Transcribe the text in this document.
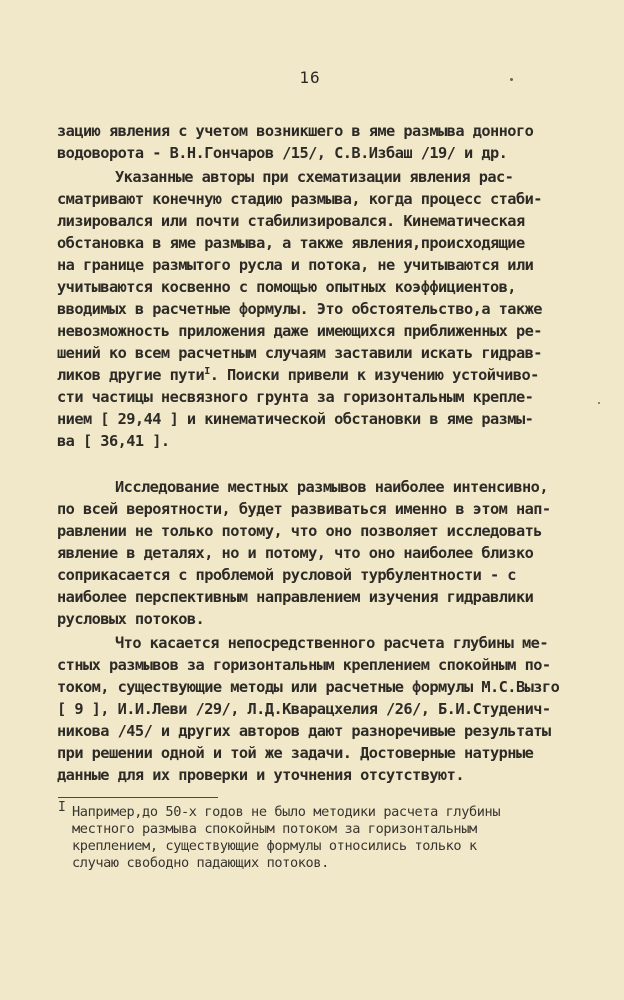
16
зацию явления с учетом возникшего в яме размыва донного
водоворота - В.Н.Гончаров /15/, С.В.Избаш /19/ и др.
Указанные авторы при схематизации явления рас-
сматривают конечную стадию размыва, когда процесс стаби-
лизировался или почти стабилизировался. Кинематическая
обстановка в яме размыва, а также явления,происходящие
на границе размытого русла и потока, не учитываются или
учитываются косвенно с помощью опытных коэффициентов,
вводимых в расчетные формулы. Это обстоятельство,а также
невозможность приложения даже имеющихся приближенных ре-
шений ко всем расчетным случаям заставили искать гидрав-
ликов другие пути$^I$. Поиски привели к изучению устойчиво-
сти частицы несвязного грунта за горизонтальным крепле-
нием [ 29,44 ] и кинематической обстановки в яме размы-
ва [ 36,41 ].
Исследование местных размывов наиболее интенсивно,
по всей вероятности, будет развиваться именно в этом нап-
равлении не только потому, что оно позволяет исследовать
явление в деталях, но и потому, что оно наиболее близко
соприкасается с проблемой русловой турбулентности - с
наиболее перспективным направлением изучения гидравлики
русловых потоков.
Что касается непосредственного расчета глубины ме-
стных размывов за горизонтальным креплением спокойным по-
током, существующие методы или расчетные формулы М.С.Вызго
[ 9 ], И.И.Леви /29/, Л.Д.Кварацхелия /26/, Б.И.Студенич-
никова /45/ и других авторов дают разноречивые результаты
при решении одной и той же задачи. Достоверные натурные
данные для их проверки и уточнения отсутствуют.
I Например,до 50-х годов не было методики расчета глубины
местного размыва спокойным потоком за горизонтальным
креплением, существующие формулы относились только к
случаю свободно падающих потоков.
